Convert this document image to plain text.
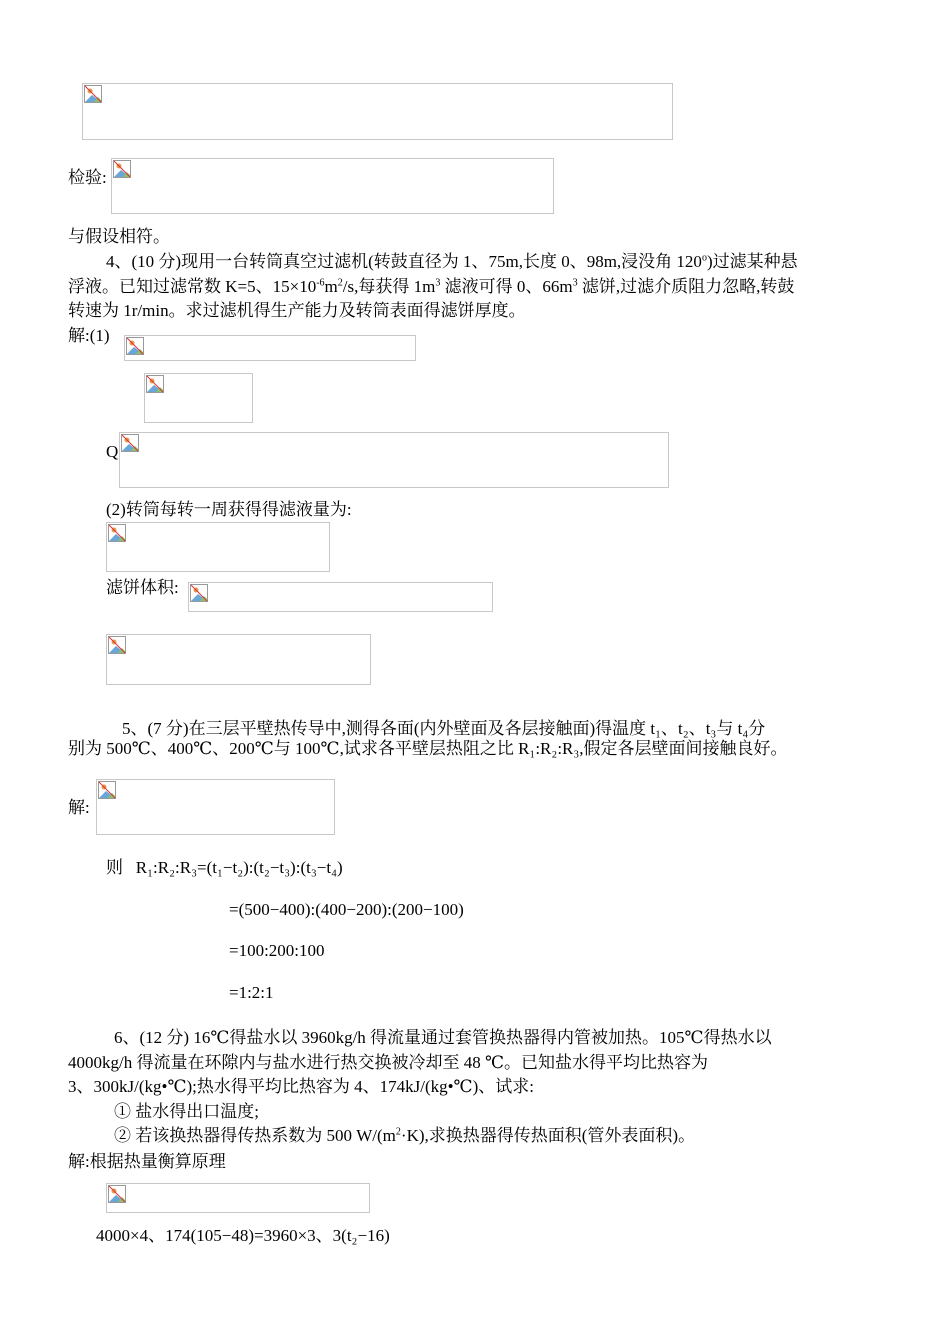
检验:
与假设相符。
4、(10 分)现用一台转筒真空过滤机(转鼓直径为 1、75m,长度 0、98m,浸没角 120$^o$)过滤某种悬
浮液。已知过滤常数 K=5、$15\times 10^{-6}m^2/s$,每获得 $1m^3$ 滤液可得 0、$66m^3$ 滤饼,过滤介质阻力忽略,转鼓
转速为 1r/min。求过滤机得生产能力及转筒表面得滤饼厚度。
解:(1)
Q
(2)转筒每转一周获得得滤液量为:
滤饼体积:
5、(7 分)在三层平壁热传导中,测得各面(内外壁面及各层接触面)得温度 t₁、t₂、t₃与 t₄分
别为 500℃、400℃、200℃与 100℃,试求各平壁层热阻之比 R₁:R₂:R₃,假定各层壁面间接触良好。
解:
则   R₁:R₂:R₃=(t₁−t₂):(t₂−t₃):(t₃−t₄)
=(500−400):(400−200):(200−100)
=100:200:100
=1:2:1
6、(12 分) 16℃得盐水以 3960kg/h 得流量通过套管换热器得内管被加热。105℃得热水以
4000kg/h 得流量在环隙内与盐水进行热交换被冷却至 48 ℃。已知盐水得平均比热容为
3、300kJ/(kg•℃);热水得平均比热容为 4、174kJ/(kg•℃)、试求:
① 盐水得出口温度;
② 若该换热器得传热系数为 500 $W/(m^2\cdot K)$,求换热器得传热面积(管外表面积)。
解:根据热量衡算原理
4000×4、174(105−48)=3960×3、3(t₂−16)
